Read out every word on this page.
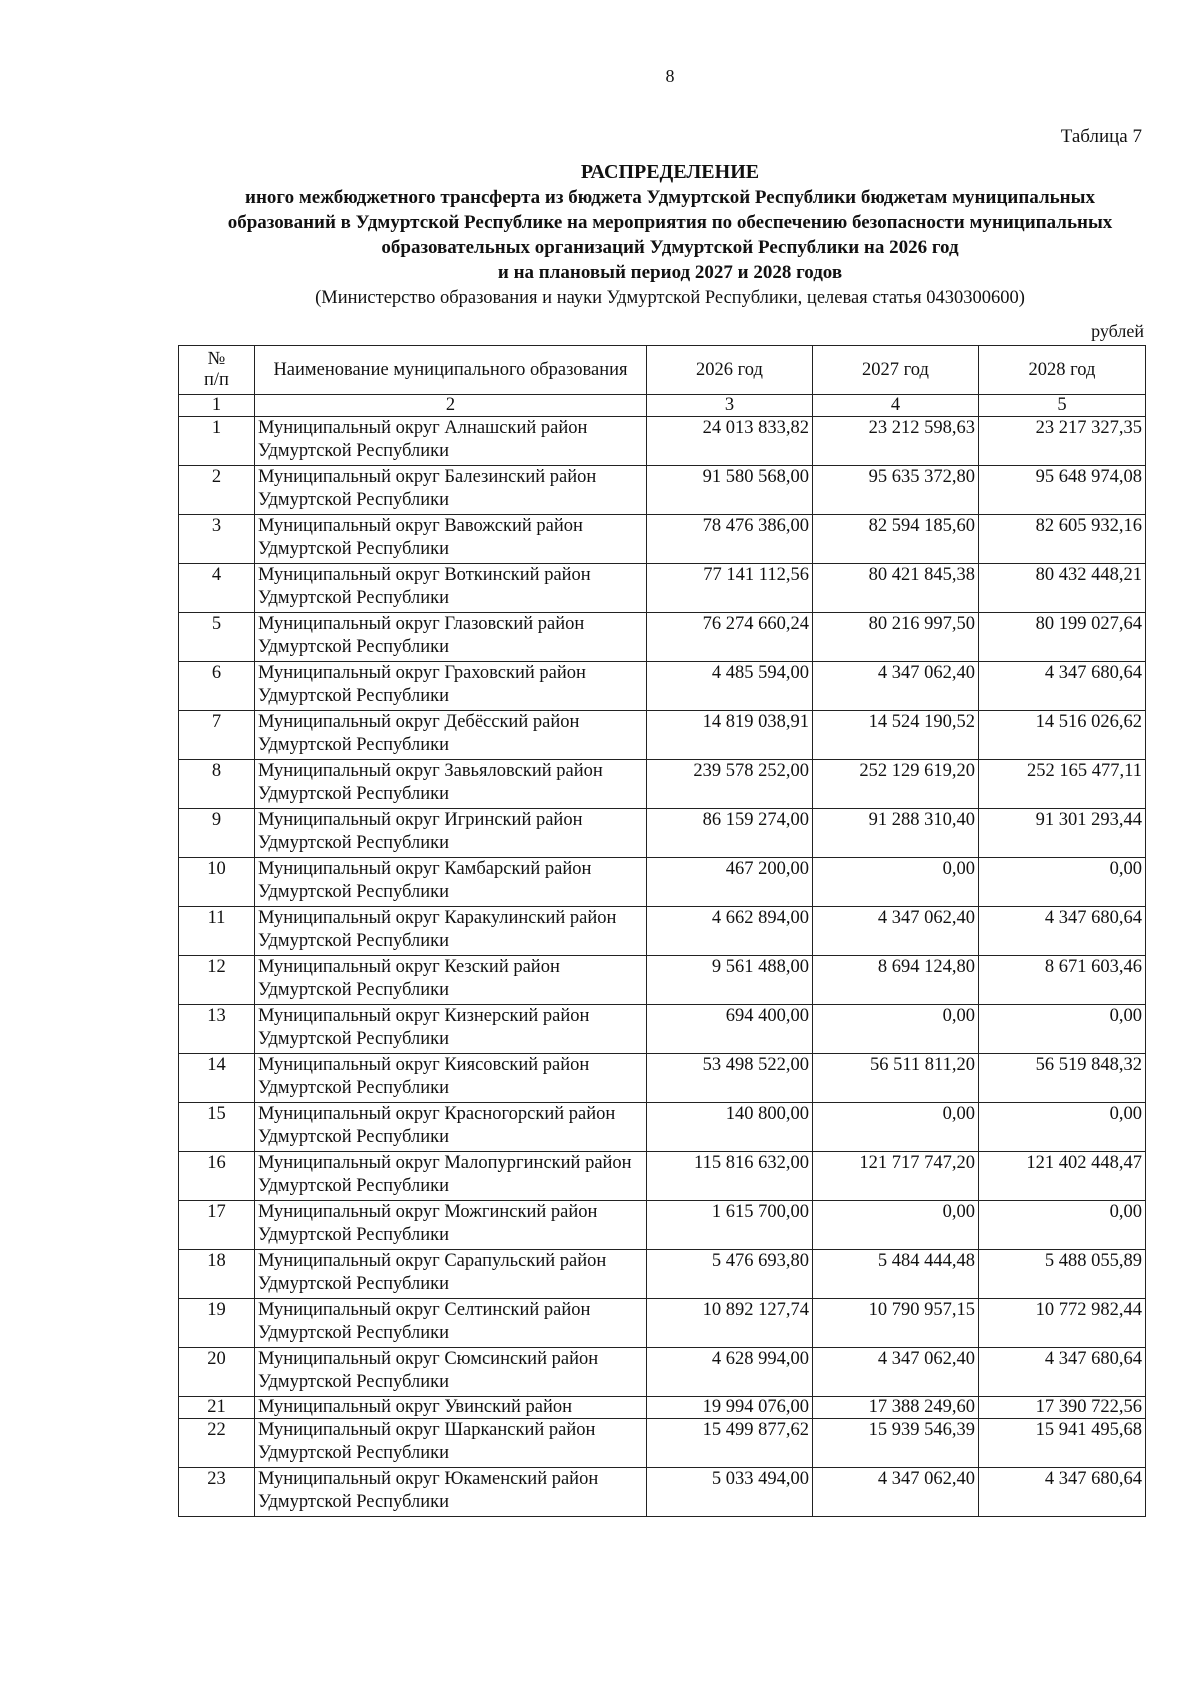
8
Таблица 7
РАСПРЕДЕЛЕНИЕ
иного межбюджетного трансферта из бюджета Удмуртской Республики бюджетам муниципальных
образований в Удмуртской Республике на мероприятия по обеспечению безопасности муниципальных
образовательных организаций Удмуртской Республики на 2026 год
и на плановый период 2027 и 2028 годов
(Министерство образования и науки Удмуртской Республики, целевая статья 0430300600)
рублей
№
п/п	Наименование муниципального образования	2026 год	2027 год	2028 год
1	2	3	4	5
1	Муниципальный округ Алнашский район Удмуртской Республики	24 013 833,82	23 212 598,63	23 217 327,35
2	Муниципальный округ Балезинский район Удмуртской Республики	91 580 568,00	95 635 372,80	95 648 974,08
3	Муниципальный округ Вавожский район Удмуртской Республики	78 476 386,00	82 594 185,60	82 605 932,16
4	Муниципальный округ Воткинский район Удмуртской Республики	77 141 112,56	80 421 845,38	80 432 448,21
5	Муниципальный округ Глазовский район Удмуртской Республики	76 274 660,24	80 216 997,50	80 199 027,64
6	Муниципальный округ Граховский район Удмуртской Республики	4 485 594,00	4 347 062,40	4 347 680,64
7	Муниципальный округ Дебёсский район Удмуртской Республики	14 819 038,91	14 524 190,52	14 516 026,62
8	Муниципальный округ Завьяловский район Удмуртской Республики	239 578 252,00	252 129 619,20	252 165 477,11
9	Муниципальный округ Игринский район Удмуртской Республики	86 159 274,00	91 288 310,40	91 301 293,44
10	Муниципальный округ Камбарский район Удмуртской Республики	467 200,00	0,00	0,00
11	Муниципальный округ Каракулинский район Удмуртской Республики	4 662 894,00	4 347 062,40	4 347 680,64
12	Муниципальный округ Кезский район Удмуртской Республики	9 561 488,00	8 694 124,80	8 671 603,46
13	Муниципальный округ Кизнерский район Удмуртской Республики	694 400,00	0,00	0,00
14	Муниципальный округ Киясовский район Удмуртской Республики	53 498 522,00	56 511 811,20	56 519 848,32
15	Муниципальный округ Красногорский район Удмуртской Республики	140 800,00	0,00	0,00
16	Муниципальный округ Малопургинский район Удмуртской Республики	115 816 632,00	121 717 747,20	121 402 448,47
17	Муниципальный округ Можгинский район Удмуртской Республики	1 615 700,00	0,00	0,00
18	Муниципальный округ Сарапульский район Удмуртской Республики	5 476 693,80	5 484 444,48	5 488 055,89
19	Муниципальный округ Селтинский район Удмуртской Республики	10 892 127,74	10 790 957,15	10 772 982,44
20	Муниципальный округ Сюмсинский район Удмуртской Республики	4 628 994,00	4 347 062,40	4 347 680,64
21	Муниципальный округ Увинский район	19 994 076,00	17 388 249,60	17 390 722,56
22	Муниципальный округ Шарканский район Удмуртской Республики	15 499 877,62	15 939 546,39	15 941 495,68
23	Муниципальный округ Юкаменский район Удмуртской Республики	5 033 494,00	4 347 062,40	4 347 680,64
